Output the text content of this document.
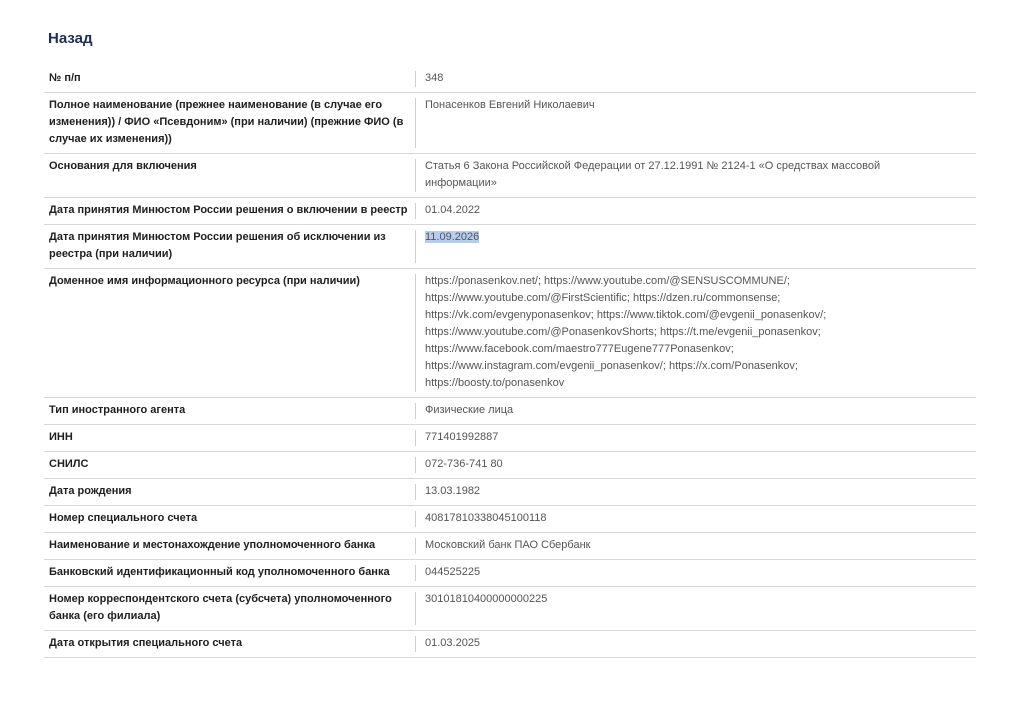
Назад
№ п/п	348
Полное наименование (прежнее наименование (в случае его изменения)) / ФИО «Псевдоним» (при наличии) (прежние ФИО (в случае их изменения))	Понасенков Евгений Николаевич
Основания для включения	Статья 6 Закона Российской Федерации от 27.12.1991 № 2124-1 «О средствах массовой информации»
Дата принятия Минюстом России решения о включении в реестр	01.04.2022
Дата принятия Минюстом России решения об исключении из реестра (при наличии)	11.09.2026
Доменное имя информационного ресурса (при наличии)	https://ponasenkov.net/; https://www.youtube.com/@SENSUSCOMMUNE/; https://www.youtube.com/@FirstScientific; https://dzen.ru/commonsense; https://vk.com/evgenyponasenkov; https://www.tiktok.com/@evgenii_ponasenkov/; https://www.youtube.com/@PonasenkovShorts; https://t.me/evgenii_ponasenkov; https://www.facebook.com/maestro777Eugene777Ponasenkov; https://www.instagram.com/evgenii_ponasenkov/; https://x.com/Ponasenkov; https://boosty.to/ponasenkov
Тип иностранного агента	Физические лица
ИНН	771401992887
СНИЛС	072-736-741 80
Дата рождения	13.03.1982
Номер специального счета	40817810338045100118
Наименование и местонахождение уполномоченного банка	Московский банк ПАО Сбербанк
Банковский идентификационный код уполномоченного банка	044525225
Номер корреспондентского счета (субсчета) уполномоченного банка (его филиала)	30101810400000000225
Дата открытия специального счета	01.03.2025
